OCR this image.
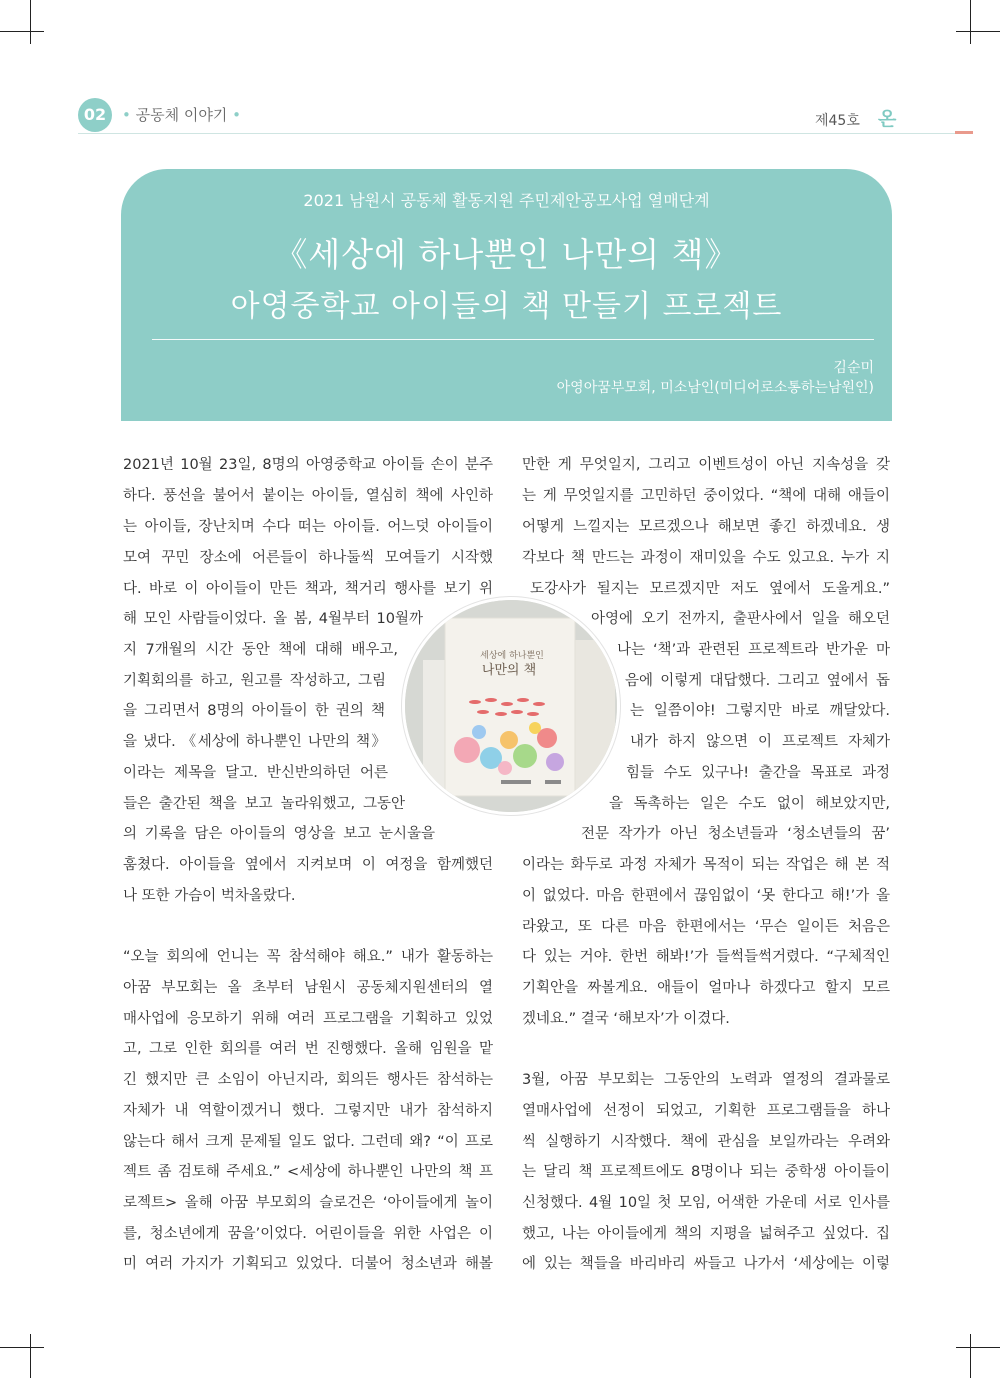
02	• 공동체 이야기 •	제45호 온
2021 남원시 공동체 활동지원 주민제안공모사업 열매단계
《세상에 하나뿐인 나만의 책》
아영중학교 아이들의 책 만들기 프로젝트
김순미
아영아꿈부모회, 미소남인(미디어로소통하는남원인)
2021년 10월 23일, 8명의 아영중학교 아이들 손이 분주
하다. 풍선을 불어서 붙이는 아이들, 열심히 책에 사인하
는 아이들, 장난치며 수다 떠는 아이들. 어느덧 아이들이
모여 꾸민 장소에 어른들이 하나둘씩 모여들기 시작했
다. 바로 이 아이들이 만든 책과, 책거리 행사를 보기 위
해 모인 사람들이었다. 올 봄, 4월부터 10월까
지 7개월의 시간 동안 책에 대해 배우고,
기획회의를 하고, 원고를 작성하고, 그림
을 그리면서 8명의 아이들이 한 권의 책
을 냈다. 《세상에 하나뿐인 나만의 책》
이라는 제목을 달고. 반신반의하던 어른
들은 출간된 책을 보고 놀라워했고, 그동안
의 기록을 담은 아이들의 영상을 보고 눈시울을
훔쳤다. 아이들을 옆에서 지켜보며 이 여정을 함께했던
나 또한 가슴이 벅차올랐다.
“오늘 회의에 언니는 꼭 참석해야 해요.” 내가 활동하는
아꿈 부모회는 올 초부터 남원시 공동체지원센터의 열
매사업에 응모하기 위해 여러 프로그램을 기획하고 있었
고, 그로 인한 회의를 여러 번 진행했다. 올해 임원을 맡
긴 했지만 큰 소임이 아닌지라, 회의든 행사든 참석하는
자체가 내 역할이겠거니 했다. 그렇지만 내가 참석하지
않는다 해서 크게 문제될 일도 없다. 그런데 왜? “이 프로
젝트 좀 검토해 주세요.” <세상에 하나뿐인 나만의 책 프
로젝트> 올해 아꿈 부모회의 슬로건은 ‘아이들에게 놀이
를, 청소년에게 꿈을’이었다. 어린이들을 위한 사업은 이
미 여러 가지가 기획되고 있었다. 더불어 청소년과 해볼
만한 게 무엇일지, 그리고 이벤트성이 아닌 지속성을 갖
는 게 무엇일지를 고민하던 중이었다. “책에 대해 애들이
어떻게 느낄지는 모르겠으나 해보면 좋긴 하겠네요. 생
각보다 책 만드는 과정이 재미있을 수도 있고요. 누가 지
도강사가 될지는 모르겠지만 저도 옆에서 도울게요.”
아영에 오기 전까지, 출판사에서 일을 해오던
나는 ‘책’과 관련된 프로젝트라 반가운 마
음에 이렇게 대답했다. 그리고 옆에서 돕
는 일쯤이야! 그렇지만 바로 깨달았다.
내가 하지 않으면 이 프로젝트 자체가
힘들 수도 있구나! 출간을 목표로 과정
을 독촉하는 일은 수도 없이 해보았지만,
전문 작가가 아닌 청소년들과 ‘청소년들의 꿈’
이라는 화두로 과정 자체가 목적이 되는 작업은 해 본 적
이 없었다. 마음 한편에서 끊임없이 ‘못 한다고 해!’가 올
라왔고, 또 다른 마음 한편에서는 ‘무슨 일이든 처음은
다 있는 거야. 한번 해봐!’가 들썩들썩거렸다. “구체적인
기획안을 짜볼게요. 애들이 얼마나 하겠다고 할지 모르
겠네요.” 결국 ‘해보자’가 이겼다.
3월, 아꿈 부모회는 그동안의 노력과 열정의 결과물로
열매사업에 선정이 되었고, 기획한 프로그램들을 하나
씩 실행하기 시작했다. 책에 관심을 보일까라는 우려와
는 달리 책 프로젝트에도 8명이나 되는 중학생 아이들이
신청했다. 4월 10일 첫 모임, 어색한 가운데 서로 인사를
했고, 나는 아이들에게 책의 지평을 넓혀주고 싶었다. 집
에 있는 책들을 바리바리 싸들고 나가서 ‘세상에는 이렇
세상에 하나뿐인
나만의 책
